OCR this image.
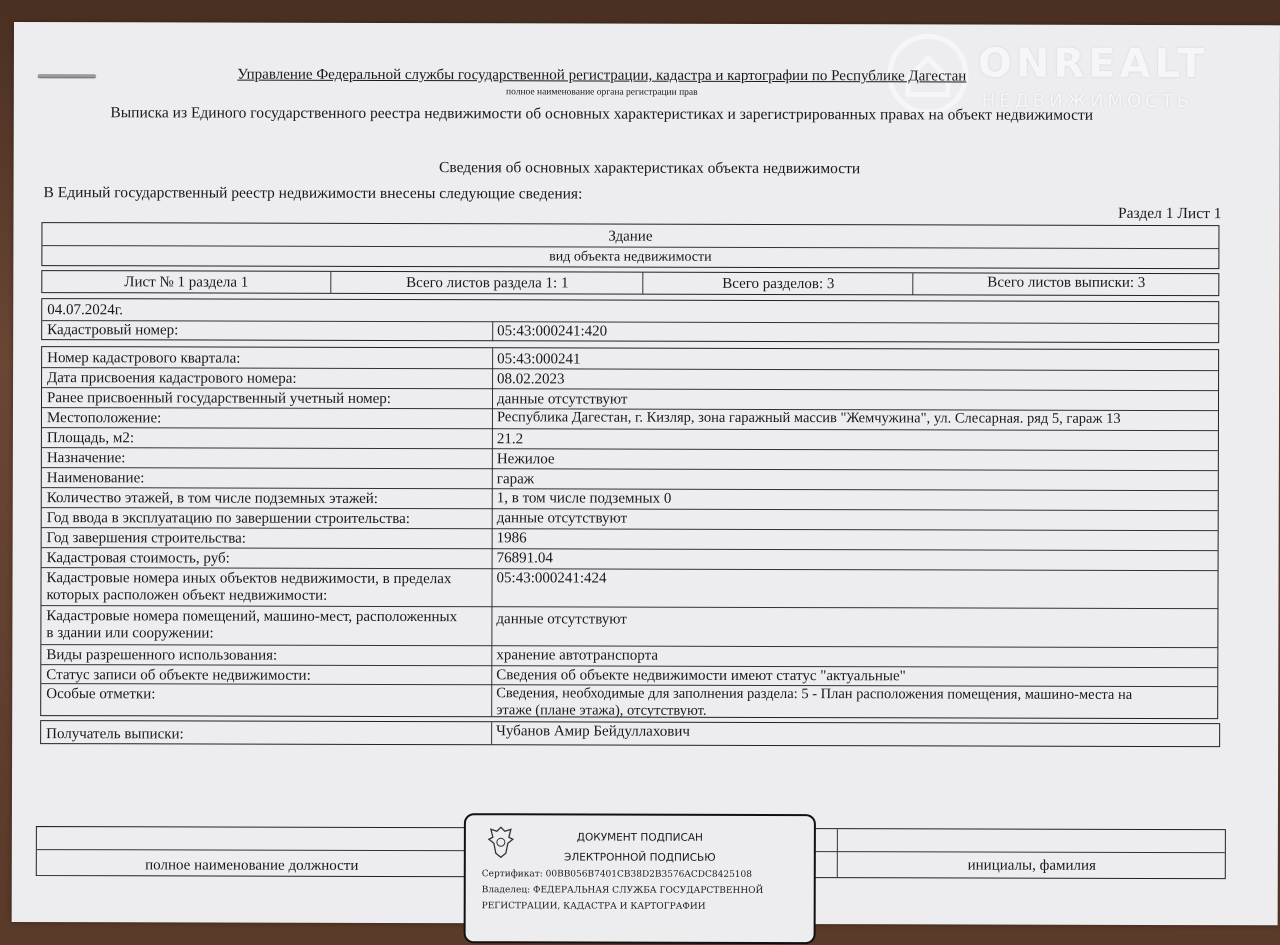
ONREALT
НЕДВИЖИМОСТЬ
Управление Федеральной службы государственной регистрации, кадастра и картографии по Республике Дагестан
полное наименование органа регистрации прав
Выписка из Единого государственного реестра недвижимости об основных характеристиках и зарегистрированных правах на объект недвижимости
Сведения об основных характеристиках объекта недвижимости
В Единый государственный реестр недвижимости внесены следующие сведения:
Раздел 1 Лист 1
Здание
вид объекта недвижимости
Лист № 1 раздела 1	Всего листов раздела 1: 1	Всего разделов: 3	Всего листов выписки: 3
04.07.2024г.
Кадастровый номер:	05:43:000241:420
Номер кадастрового квартала:	05:43:000241
Дата присвоения кадастрового номера:	08.02.2023
Ранее присвоенный государственный учетный номер:	данные отсутствуют
Местоположение:	Республика Дагестан, г. Кизляр, зона гаражный массив "Жемчужина", ул. Слесарная. ряд 5, гараж 13
Площадь, м2:	21.2
Назначение:	Нежилое
Наименование:	гараж
Количество этажей, в том числе подземных этажей:	1, в том числе подземных 0
Год ввода в эксплуатацию по завершении строительства:	данные отсутствуют
Год завершения строительства:	1986
Кадастровая стоимость, руб:	76891.04
Кадастровые номера иных объектов недвижимости, в пределах
которых расположен объект недвижимости:
05:43:000241:424
Кадастровые номера помещений, машино-мест, расположенных
в здании или сооружении:
данные отсутствуют
Виды разрешенного использования:	хранение автотранспорта
Статус записи об объекте недвижимости:	Сведения об объекте недвижимости имеют статус "актуальные"
Особые отметки:	Сведения, необходимые для заполнения раздела: 5 - План расположения помещения, машино-места на
этаже (плане этажа), отсутствуют.
Получатель выписки:	Чубанов Амир Бейдуллахович
полное наименование должности	инициалы, фамилия
ДОКУМЕНТ ПОДПИСАН
ЭЛЕКТРОННОЙ ПОДПИСЬЮ
Сертификат: 00BB056B7401CB38D2B3576ACDC8425108
Владелец: ФЕДЕРАЛЬНАЯ СЛУЖБА ГОСУДАРСТВЕННОЙ
РЕГИСТРАЦИИ, КАДАСТРА И КАРТОГРАФИИ
